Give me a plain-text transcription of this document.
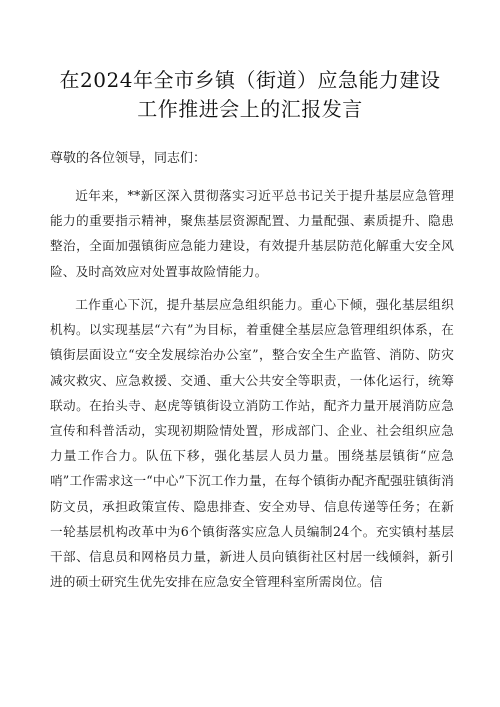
在2024年全市乡镇（街道）应急能力建设
工作推进会上的汇报发言
尊敬的各位领导，同志们：

近年来，**新区深入贯彻落实习近平总书记关于提升基层应急管理能力的重要指示精神，聚焦基层资源配置、力量配强、素质提升、隐患整治，全面加强镇街应急能力建设，有效提升基层防范化解重大安全风险、及时高效应对处置事故险情能力。

工作重心下沉，提升基层应急组织能力。重心下倾，强化基层组织机构。以实现基层“六有”为目标，着重健全基层应急管理组织体系，在镇街层面设立“安全发展综治办公室”，整合安全生产监管、消防、防灾减灾救灾、应急救援、交通、重大公共安全等职责，一体化运行，统筹联动。在抬头寺、赵虎等镇街设立消防工作站，配齐力量开展消防应急宣传和科普活动，实现初期险情处置，形成部门、企业、社会组织应急力量工作合力。队伍下移，强化基层人员力量。围绕基层镇街“应急哨”工作需求这一“中心”下沉工作力量，在每个镇街办配齐配强驻镇街消防文员，承担政策宣传、隐患排查、安全劝导、信息传递等任务；在新一轮基层机构改革中为6个镇街落实应急人员编制24个。充实镇村基层干部、信息员和网格员力量，新进人员向镇街社区村居一线倾斜，新引进的硕士研究生优先安排在应急安全管理科室所需岗位。信
